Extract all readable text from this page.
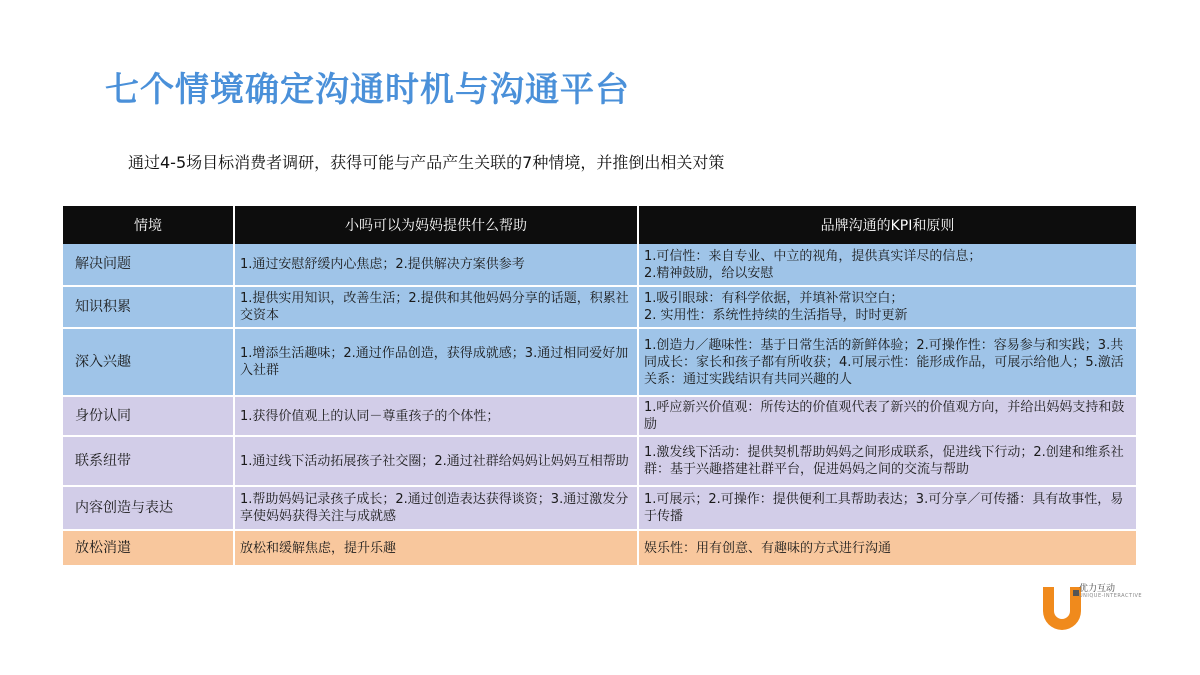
七个情境确定沟通时机与沟通平台
通过4-5场目标消费者调研，获得可能与产品产生关联的7种情境，并推倒出相关对策
情境	小吗可以为妈妈提供什么帮助	品牌沟通的KPI和原则
解决问题	1.通过安慰舒缓内心焦虑；2.提供解决方案供参考	1.可信性：来自专业、中立的视角，提供真实详尽的信息；
2.精神鼓励，给以安慰
知识积累	1.提供实用知识，改善生活；2.提供和其他妈妈分享的话题，积累社交资本	1.吸引眼球：有科学依据，并填补常识空白；
2. 实用性：系统性持续的生活指导，时时更新
深入兴趣	1.增添生活趣味；2.通过作品创造，获得成就感；3.通过相同爱好加入社群	1.创造力／趣味性：基于日常生活的新鲜体验；2.可操作性：容易参与和实践；3.共同成长：家长和孩子都有所收获；4.可展示性：能形成作品，可展示给他人；5.激活关系：通过实践结识有共同兴趣的人
身份认同	1.获得价值观上的认同－尊重孩子的个体性；	1.呼应新兴价值观：所传达的价值观代表了新兴的价值观方向，并给出妈妈支持和鼓励
联系纽带	1.通过线下活动拓展孩子社交圈；2.通过社群给妈妈让妈妈互相帮助	1.激发线下活动：提供契机帮助妈妈之间形成联系，促进线下行动；2.创建和维系社群：基于兴趣搭建社群平台，促进妈妈之间的交流与帮助
内容创造与表达	1.帮助妈妈记录孩子成长；2.通过创造表达获得谈资；3.通过激发分享使妈妈获得关注与成就感	1.可展示；2.可操作：提供便利工具帮助表达；3.可分享／可传播：具有故事性，易于传播
放松消遣	放松和缓解焦虑，提升乐趣	娱乐性：用有创意、有趣味的方式进行沟通
优力互动
UNIQUE-INTERACTIVE
